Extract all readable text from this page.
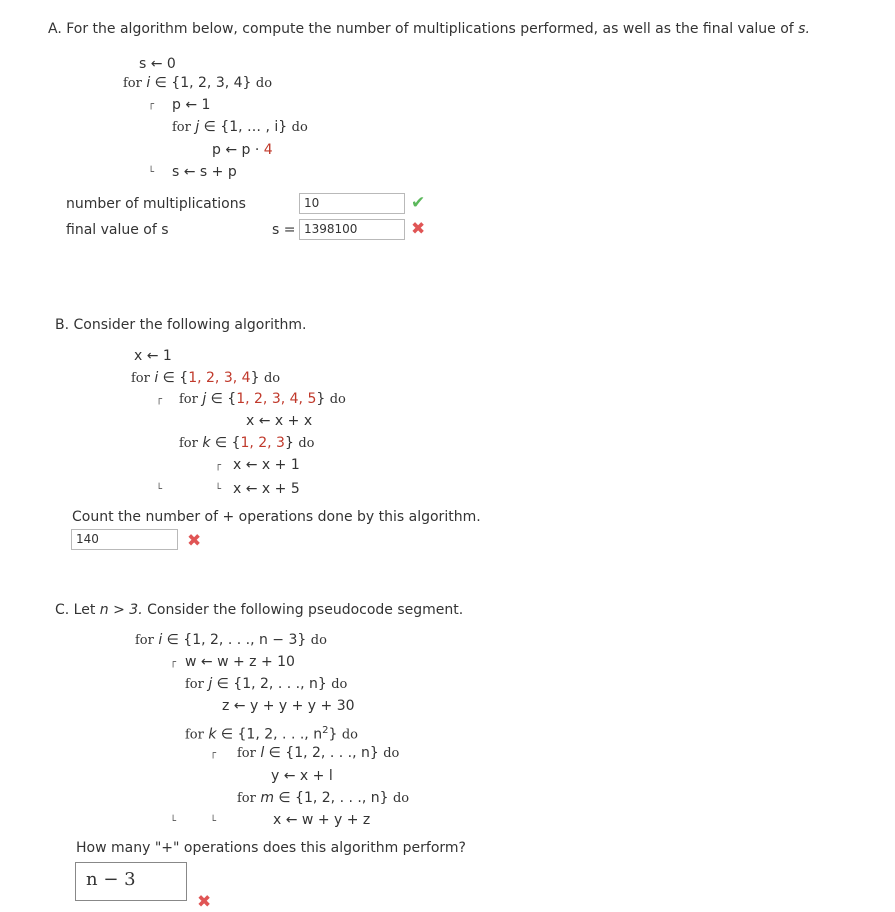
A. For the algorithm below, compute the number of multiplications performed, as well as the final value of s.
s ← 0
for i ∈ {1, 2, 3, 4} do
┌ p ← 1
for j ∈ {1, … , i} do
p ← p · 4
└ s ← s + p
number of multiplications	10	✔
final value of s	s = 1398100	✖
B. Consider the following algorithm.
x ← 1
for i ∈ {1, 2, 3, 4} do
┌ for j ∈ {1, 2, 3, 4, 5} do
x ← x + x
for k ∈ {1, 2, 3} do
┌ x ← x + 1
└	└ x ← x + 5
Count the number of + operations done by this algorithm.
140	✖
C. Let n > 3. Consider the following pseudocode segment.
for i ∈ {1, 2, . . ., n − 3} do
┌ w ← w + z + 10
for j ∈ {1, 2, . . ., n} do
z ← y + y + y + 30
for k ∈ {1, 2, . . ., $n^2$} do
┌ for l ∈ {1, 2, . . ., n} do
y ← x + l
for m ∈ {1, 2, . . ., n} do
└	└	x ← w + y + z
How many "+" operations does this algorithm perform?
n − 3
✖
